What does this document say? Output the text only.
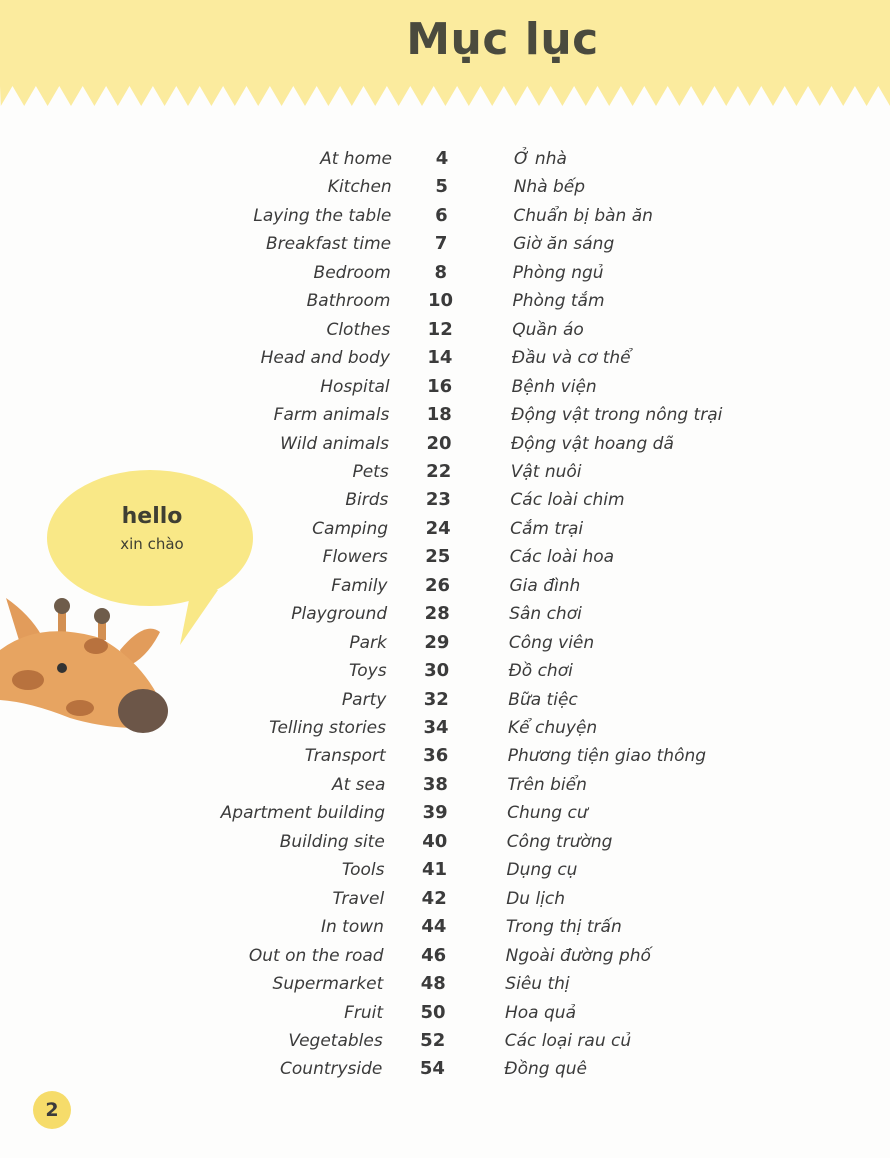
Mục lục
hello
xin chào
At home	4	Ở nhà
Kitchen	5	Nhà bếp
Laying the table	6	Chuẩn bị bàn ăn
Breakfast time	7	Giờ ăn sáng
Bedroom	8	Phòng ngủ
Bathroom	10	Phòng tắm
Clothes	12	Quần áo
Head and body	14	Đầu và cơ thể
Hospital	16	Bệnh viện
Farm animals	18	Động vật trong nông trại
Wild animals	20	Động vật hoang dã
Pets	22	Vật nuôi
Birds	23	Các loài chim
Camping	24	Cắm trại
Flowers	25	Các loài hoa
Family	26	Gia đình
Playground	28	Sân chơi
Park	29	Công viên
Toys	30	Đồ chơi
Party	32	Bữa tiệc
Telling stories	34	Kể chuyện
Transport	36	Phương tiện giao thông
At sea	38	Trên biển
Apartment building	39	Chung cư
Building site	40	Công trường
Tools	41	Dụng cụ
Travel	42	Du lịch
In town	44	Trong thị trấn
Out on the road	46	Ngoài đường phố
Supermarket	48	Siêu thị
Fruit	50	Hoa quả
Vegetables	52	Các loại rau củ
Countryside	54	Đồng quê
2
